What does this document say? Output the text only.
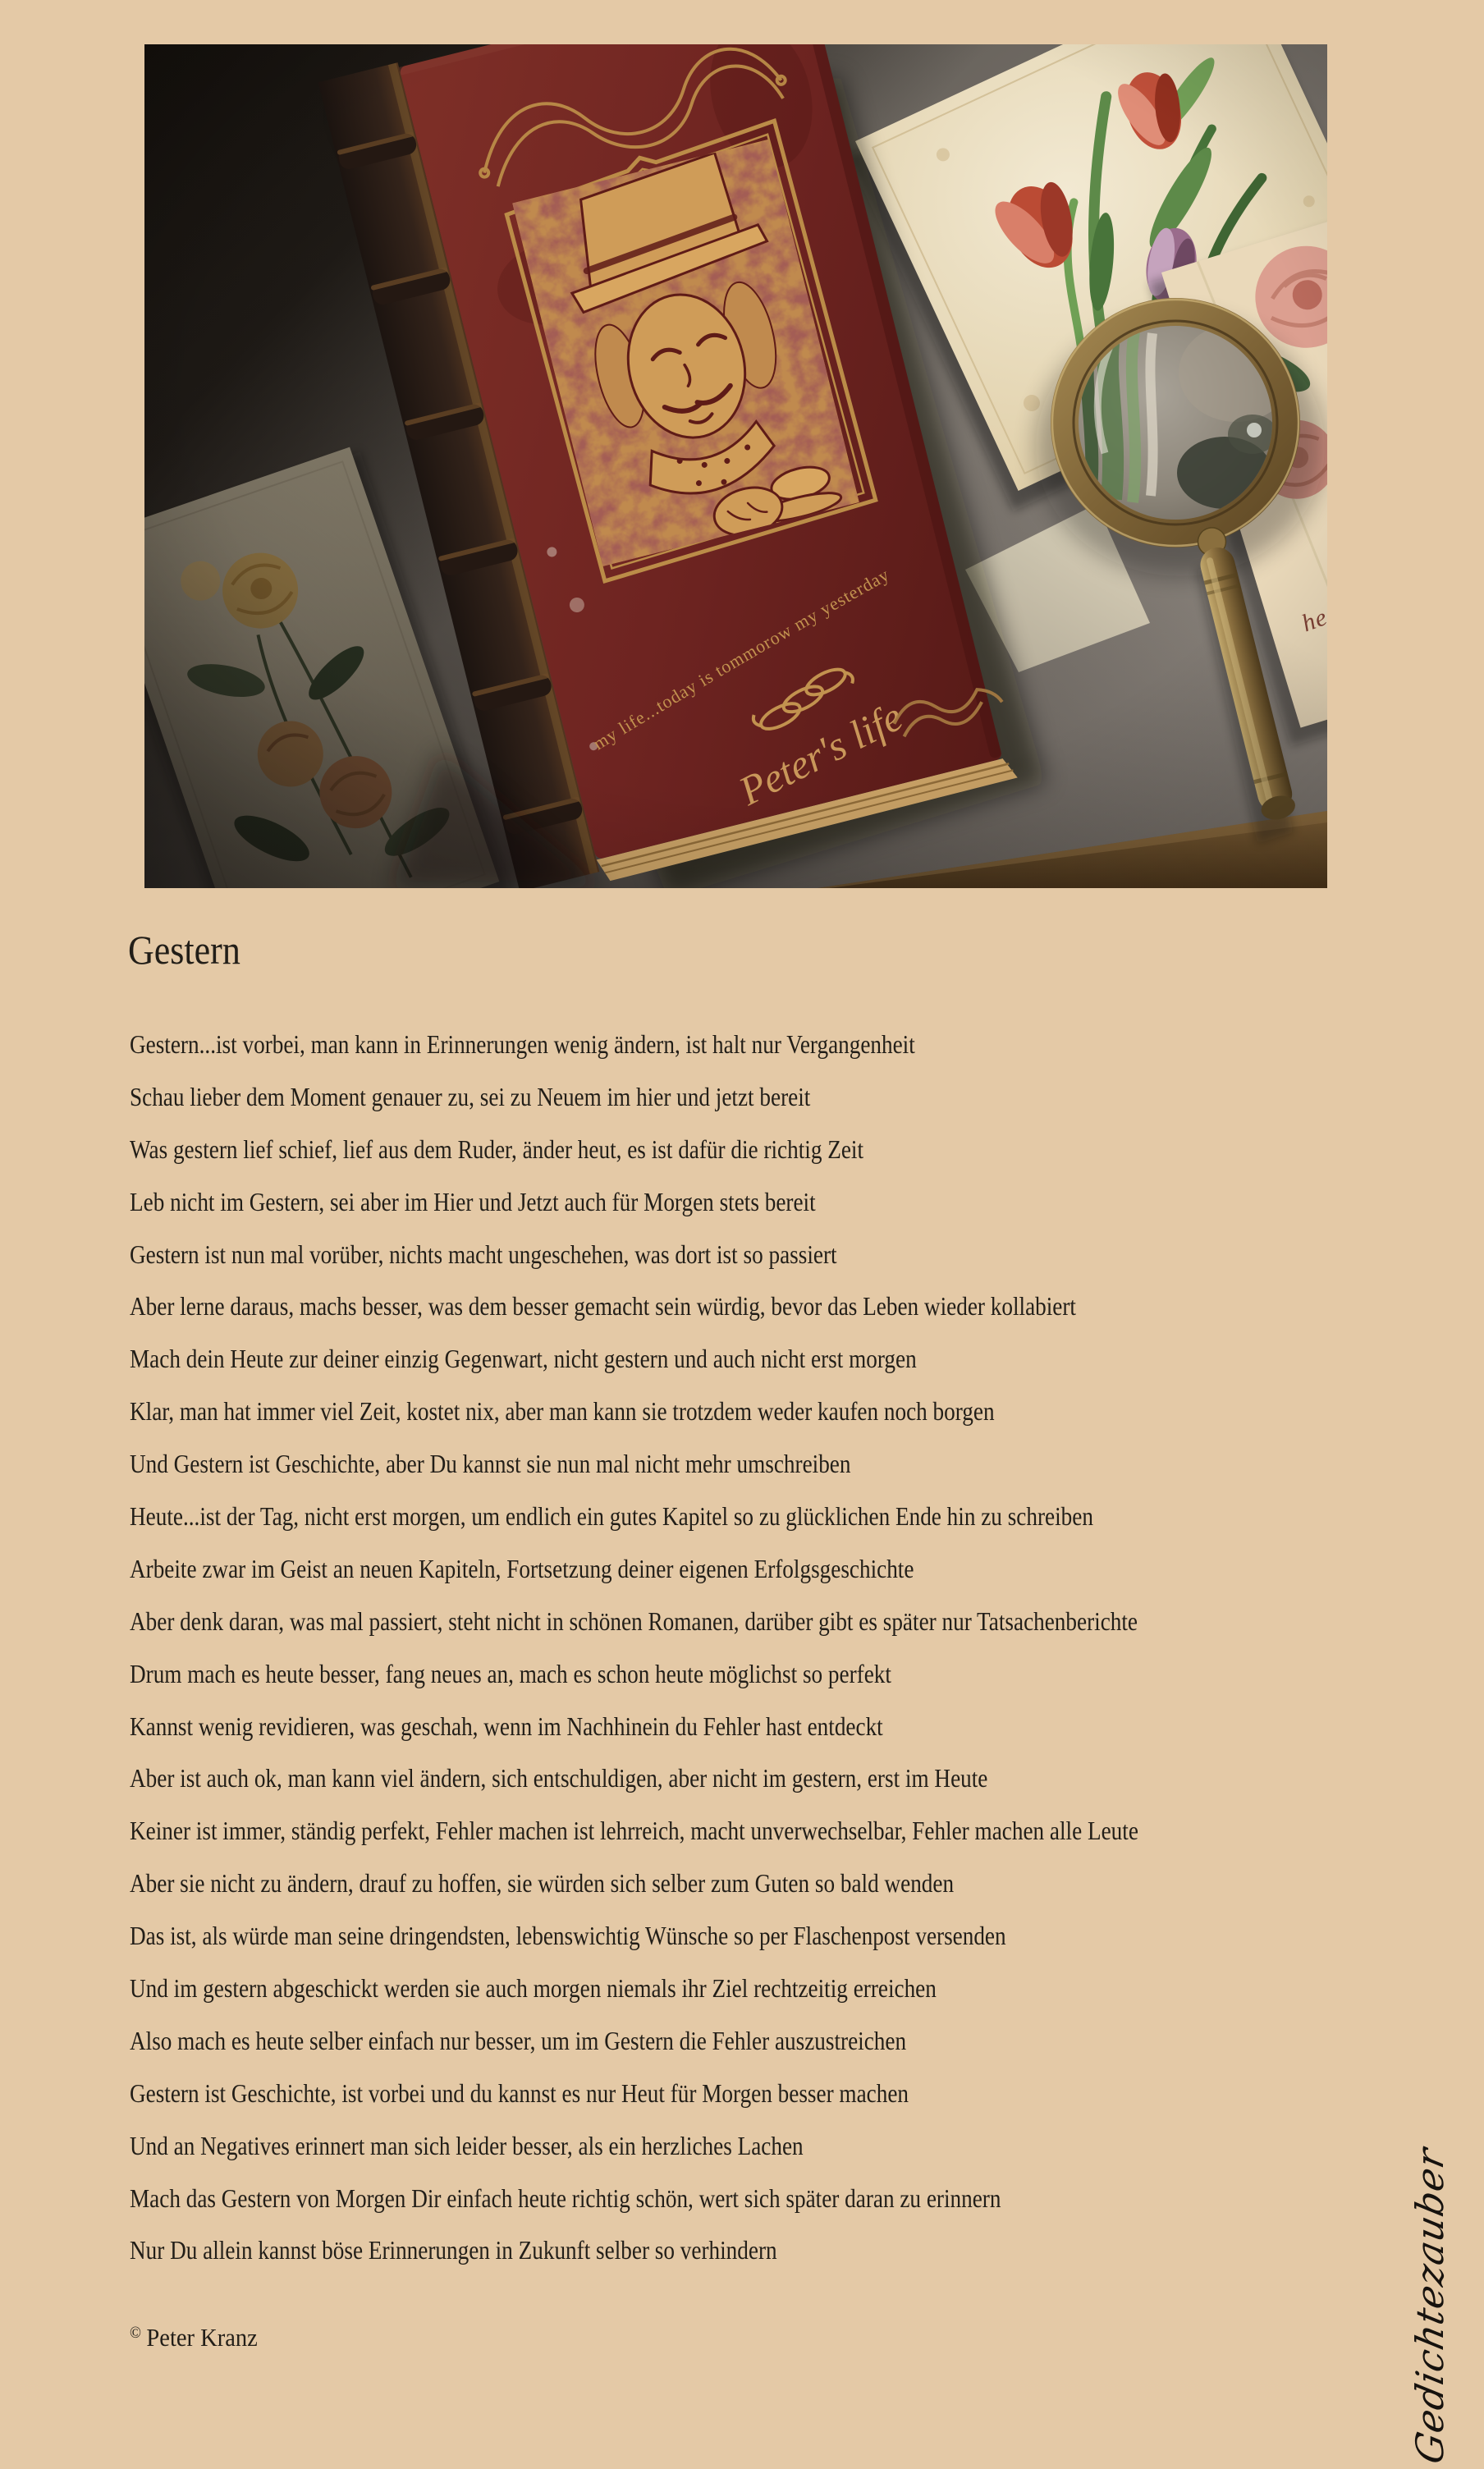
Gestern

Gestern...ist vorbei, man kann in Erinnerungen wenig ändern, ist halt nur Vergangenheit

Schau lieber dem Moment genauer zu, sei zu Neuem im hier und jetzt bereit

Was gestern lief schief, lief aus dem Ruder, änder heut, es ist dafür die richtig Zeit

Leb nicht im Gestern, sei aber im Hier und Jetzt auch für Morgen stets bereit

Gestern ist nun mal vorüber, nichts macht ungeschehen, was dort ist so passiert

Aber lerne daraus, machs besser, was dem besser gemacht sein würdig, bevor das Leben wieder kollabiert

Mach dein Heute zur deiner einzig Gegenwart, nicht gestern und auch nicht erst morgen

Klar, man hat immer viel Zeit, kostet nix, aber man kann sie trotzdem weder kaufen noch borgen

Und Gestern ist Geschichte, aber Du kannst sie nun mal nicht mehr umschreiben

Heute...ist der Tag, nicht erst morgen, um endlich ein gutes Kapitel so zu glücklichen Ende hin zu schreiben

Arbeite zwar im Geist an neuen Kapiteln, Fortsetzung deiner eigenen Erfolgsgeschichte

Aber denk daran, was mal passiert, steht nicht in schönen Romanen, darüber gibt es später nur Tatsachenberichte

Drum mach es heute besser, fang neues an, mach es schon heute möglichst so perfekt

Kannst wenig revidieren, was geschah, wenn im Nachhinein du Fehler hast entdeckt

Aber ist auch ok, man kann viel ändern, sich entschuldigen, aber nicht im gestern, erst im Heute

Keiner ist immer, ständig perfekt, Fehler machen ist lehrreich, macht unverwechselbar, Fehler machen alle Leute

Aber sie nicht zu ändern, drauf zu hoffen, sie würden sich selber zum Guten so bald wenden

Das ist, als würde man seine dringendsten, lebenswichtig Wünsche so per Flaschenpost versenden

Und im gestern abgeschickt werden sie auch morgen niemals ihr Ziel rechtzeitig erreichen

Also mach es heute selber einfach nur besser, um im Gestern die Fehler auszustreichen

Gestern ist Geschichte, ist vorbei und du kannst es nur Heut für Morgen besser machen

Und an Negatives erinnert man sich leider besser, als ein herzliches Lachen

Mach das Gestern von Morgen Dir einfach heute richtig schön, wert sich später daran zu erinnern

Nur Du allein kannst böse Erinnerungen in Zukunft selber so verhindern

© Peter Kranz	Gedichtezauber
